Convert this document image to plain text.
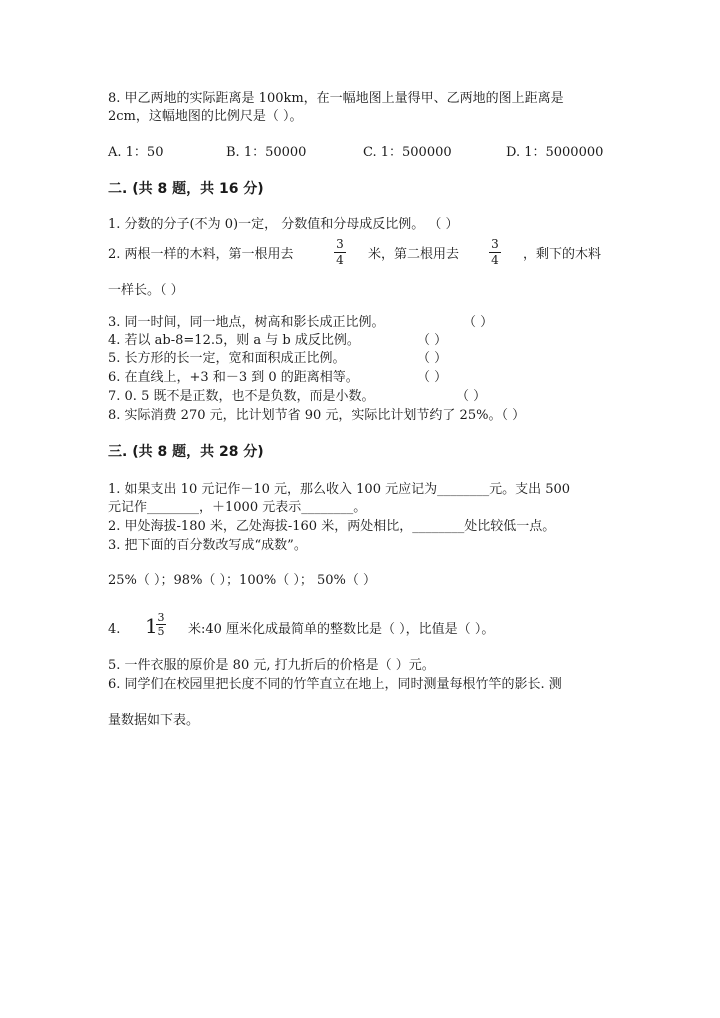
8. 甲乙两地的实际距离是 100km，在一幅地图上量得甲、乙两地的图上距离是
2cm，这幅地图的比例尺是（ ）。
A. 1：50	B. 1：50000	C. 1：500000	D. 1：5000000
二. (共 8 题，共 16 分)
1. 分数的分子(不为 0)一定， 分数值和分母成反比例。 （ ）
2. 两根一样的木料，第一根用去
3
4 米，第二根用去
3
4 ，剩下的木料
一样长。（ ）
3. 同一时间，同一地点，树高和影长成正比例。	（ ）
4. 若以 ab-8=12.5，则 a 与 b 成反比例。	（ ）
5. 长方形的长一定，宽和面积成正比例。	（ ）
6. 在直线上，+3 和－3 到 0 的距离相等。	（ ）
7. 0. 5 既不是正数，也不是负数，而是小数。	（ ）
8. 实际消费 270 元，比计划节省 90 元，实际比计划节约了 25%。（ ）
三. (共 8 题，共 28 分)
1. 如果支出 10 元记作－10 元，那么收入 100 元应记为________元。支出 500
元记作________，＋1000 元表示________。
2. 甲处海拔-180 米，乙处海拔-160 米，两处相比，________处比较低一点。
3. 把下面的百分数改写成“成数”。
25%（ ）；98%（ ）；100%（ ）； 50%（ ）
4. 1 3
5 米:40 厘米化成最简单的整数比是（ ），比值是（ ）。
5. 一件衣服的原价是 80 元, 打九折后的价格是（ ）元。
6. 同学们在校园里把长度不同的竹竿直立在地上，同时测量每根竹竿的影长. 测
量数据如下表。
